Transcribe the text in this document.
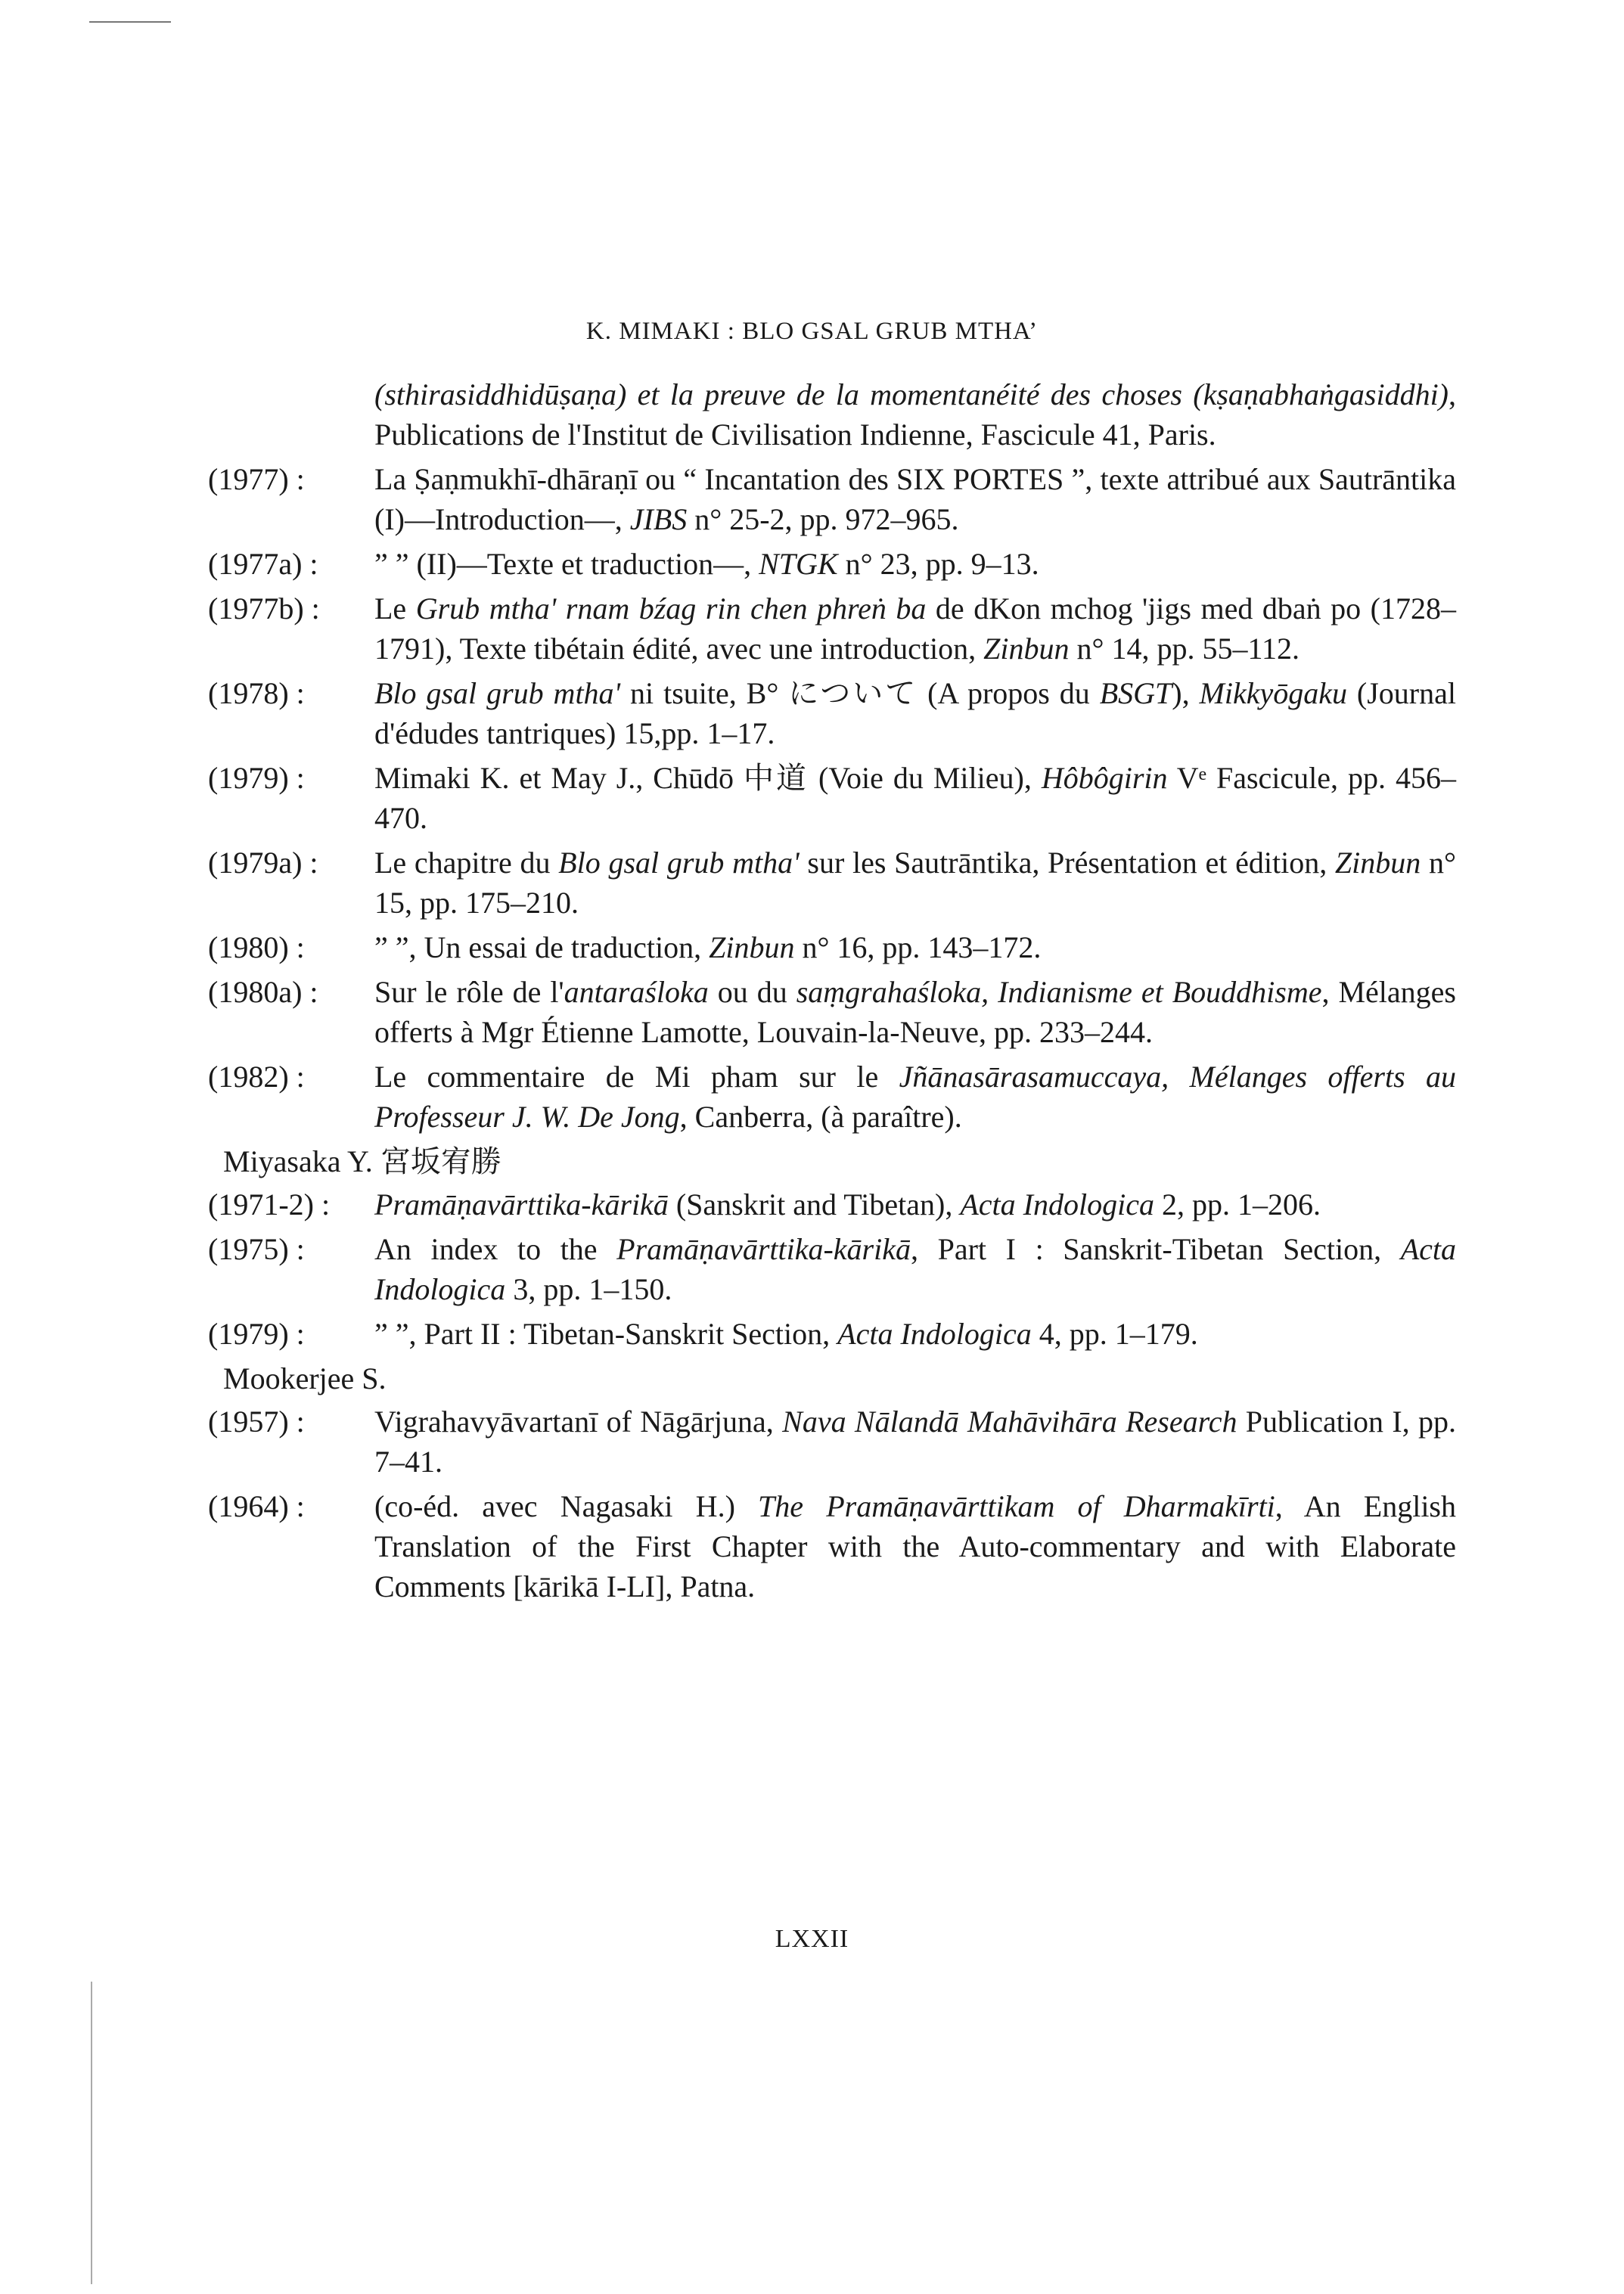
K. MIMAKI : BLO GSAL GRUB MTHA’
(sthirasiddhidūṣaṇa) et la preuve de la momentanéité des choses (kṣaṇabhaṅgasiddhi), Publications de l'Institut de Civilisation Indienne, Fascicule 41, Paris.
(1977) :	La Ṣaṇmukhī-dhāraṇī ou “ Incantation des SIX PORTES ”, texte attribué aux Sautrāntika (I)—Introduction—, JIBS n° 25-2, pp. 972–965.
(1977a) :	” ” (II)—Texte et traduction—, NTGK n° 23, pp. 9–13.
(1977b) :	Le Grub mtha' rnam bźag rin chen phreṅ ba de dKon mchog 'jigs med dbaṅ po (1728–1791), Texte tibétain édité, avec une introduction, Zinbun n° 14, pp. 55–112.
(1978) :	Blo gsal grub mtha' ni tsuite, B° について (A propos du BSGT), Mikkyōgaku (Journal d'édudes tantriques) 15,pp. 1–17.
(1979) :	Mimaki K. et May J., Chūdō 中道 (Voie du Milieu), Hôbôgirin Vᵉ Fascicule, pp. 456–470.
(1979a) :	Le chapitre du Blo gsal grub mtha' sur les Sautrāntika, Présentation et édition, Zinbun n° 15, pp. 175–210.
(1980) :	” ”, Un essai de traduction, Zinbun n° 16, pp. 143–172.
(1980a) :	Sur le rôle de l'antaraśloka ou du saṃgrahaśloka, Indianisme et Bouddhisme, Mélanges offerts à Mgr Étienne Lamotte, Louvain-la-Neuve, pp. 233–244.
(1982) :	Le commentaire de Mi pham sur le Jñānasārasamuccaya, Mélanges offerts au Professeur J. W. De Jong, Canberra, (à paraître).
Miyasaka Y. 宮坂宥勝
(1971-2) :	Pramāṇavārttika-kārikā (Sanskrit and Tibetan), Acta Indologica 2, pp. 1–206.
(1975) :	An index to the Pramāṇavārttika-kārikā, Part I : Sanskrit-Tibetan Section, Acta Indologica 3, pp. 1–150.
(1979) :	” ”, Part II : Tibetan-Sanskrit Section, Acta Indologica 4, pp. 1–179.
Mookerjee S.
(1957) :	Vigrahavyāvartanī of Nāgārjuna, Nava Nālandā Mahāvihāra Research Publication I, pp. 7–41.
(1964) :	(co-éd. avec Nagasaki H.) The Pramāṇavārttikam of Dharmakīrti, An English Translation of the First Chapter with the Auto-commentary and with Elaborate Comments [kārikā I-LI], Patna.
LXXII
